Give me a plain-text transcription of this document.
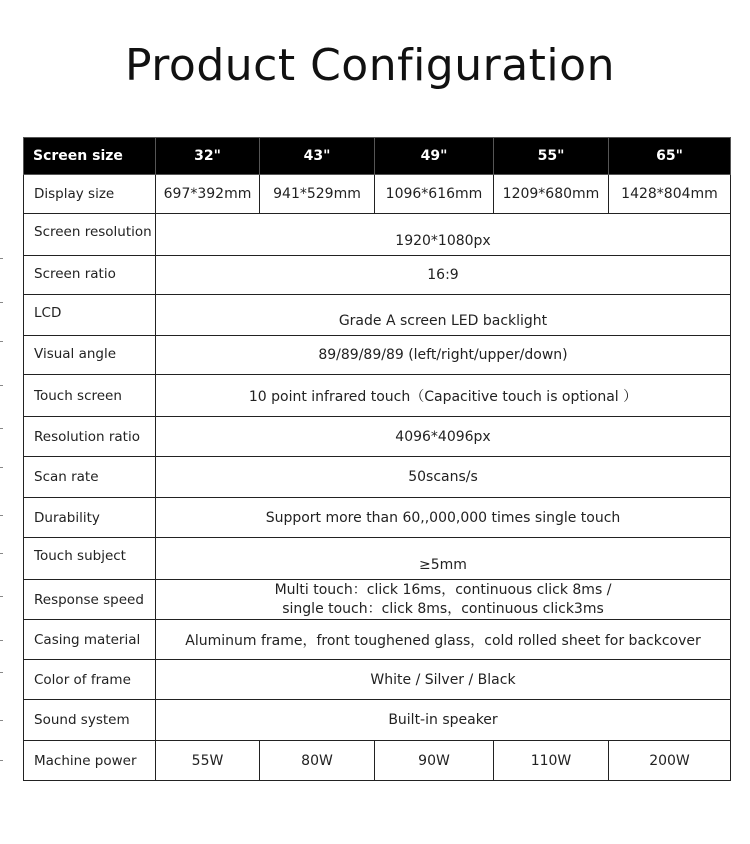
Product Configuration
Screen size	32"	43"	49"	55"	65"
Display size	697*392mm	941*529mm	1096*616mm	1209*680mm	1428*804mm
Screen resolution	1920*1080px				
Screen ratio	16:9				
LCD	Grade A screen LED backlight				
Visual angle	89/89/89/89 (left/right/upper/down)				
Touch screen	10 point infrared touch（Capacitive touch is optional ）				
Resolution ratio	4096*4096px				
Scan rate	50scans/s				
Durability	Support more than 60,,000,000 times single touch				
Touch subject	≥5mm				
Response speed	Multi touch：click 16ms，continuous click 8ms /
single touch：click 8ms，continuous click3ms				

Casing material	Aluminum frame，front toughened glass，cold rolled sheet for backcover				
Color of frame	White / Silver / Black				
Sound system	Built-in speaker				
Machine power	55W	80W	90W	110W	200W
